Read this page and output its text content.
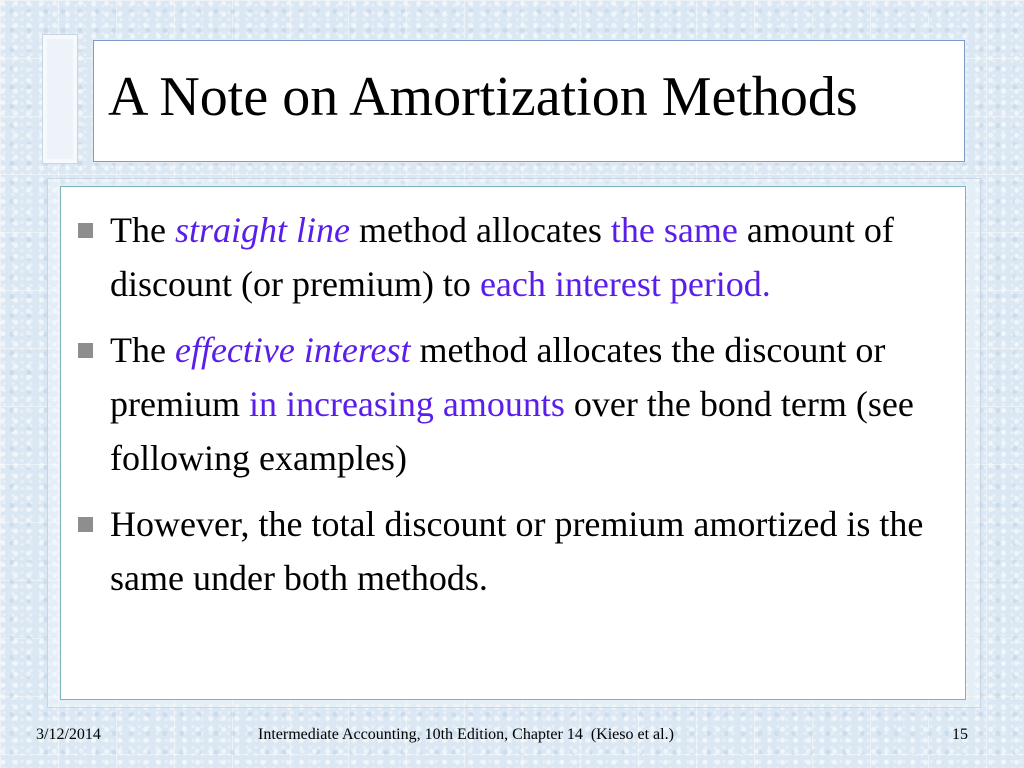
A Note on Amortization Methods
The straight line method allocates the same amount of discount (or premium) to each interest period.
The effective interest method allocates the discount or premium in increasing amounts over the bond term (see following examples)
However, the total discount or premium amortized is the same under both methods.
3/12/2014	Intermediate Accounting, 10th Edition, Chapter 14  (Kieso et al.)	15
